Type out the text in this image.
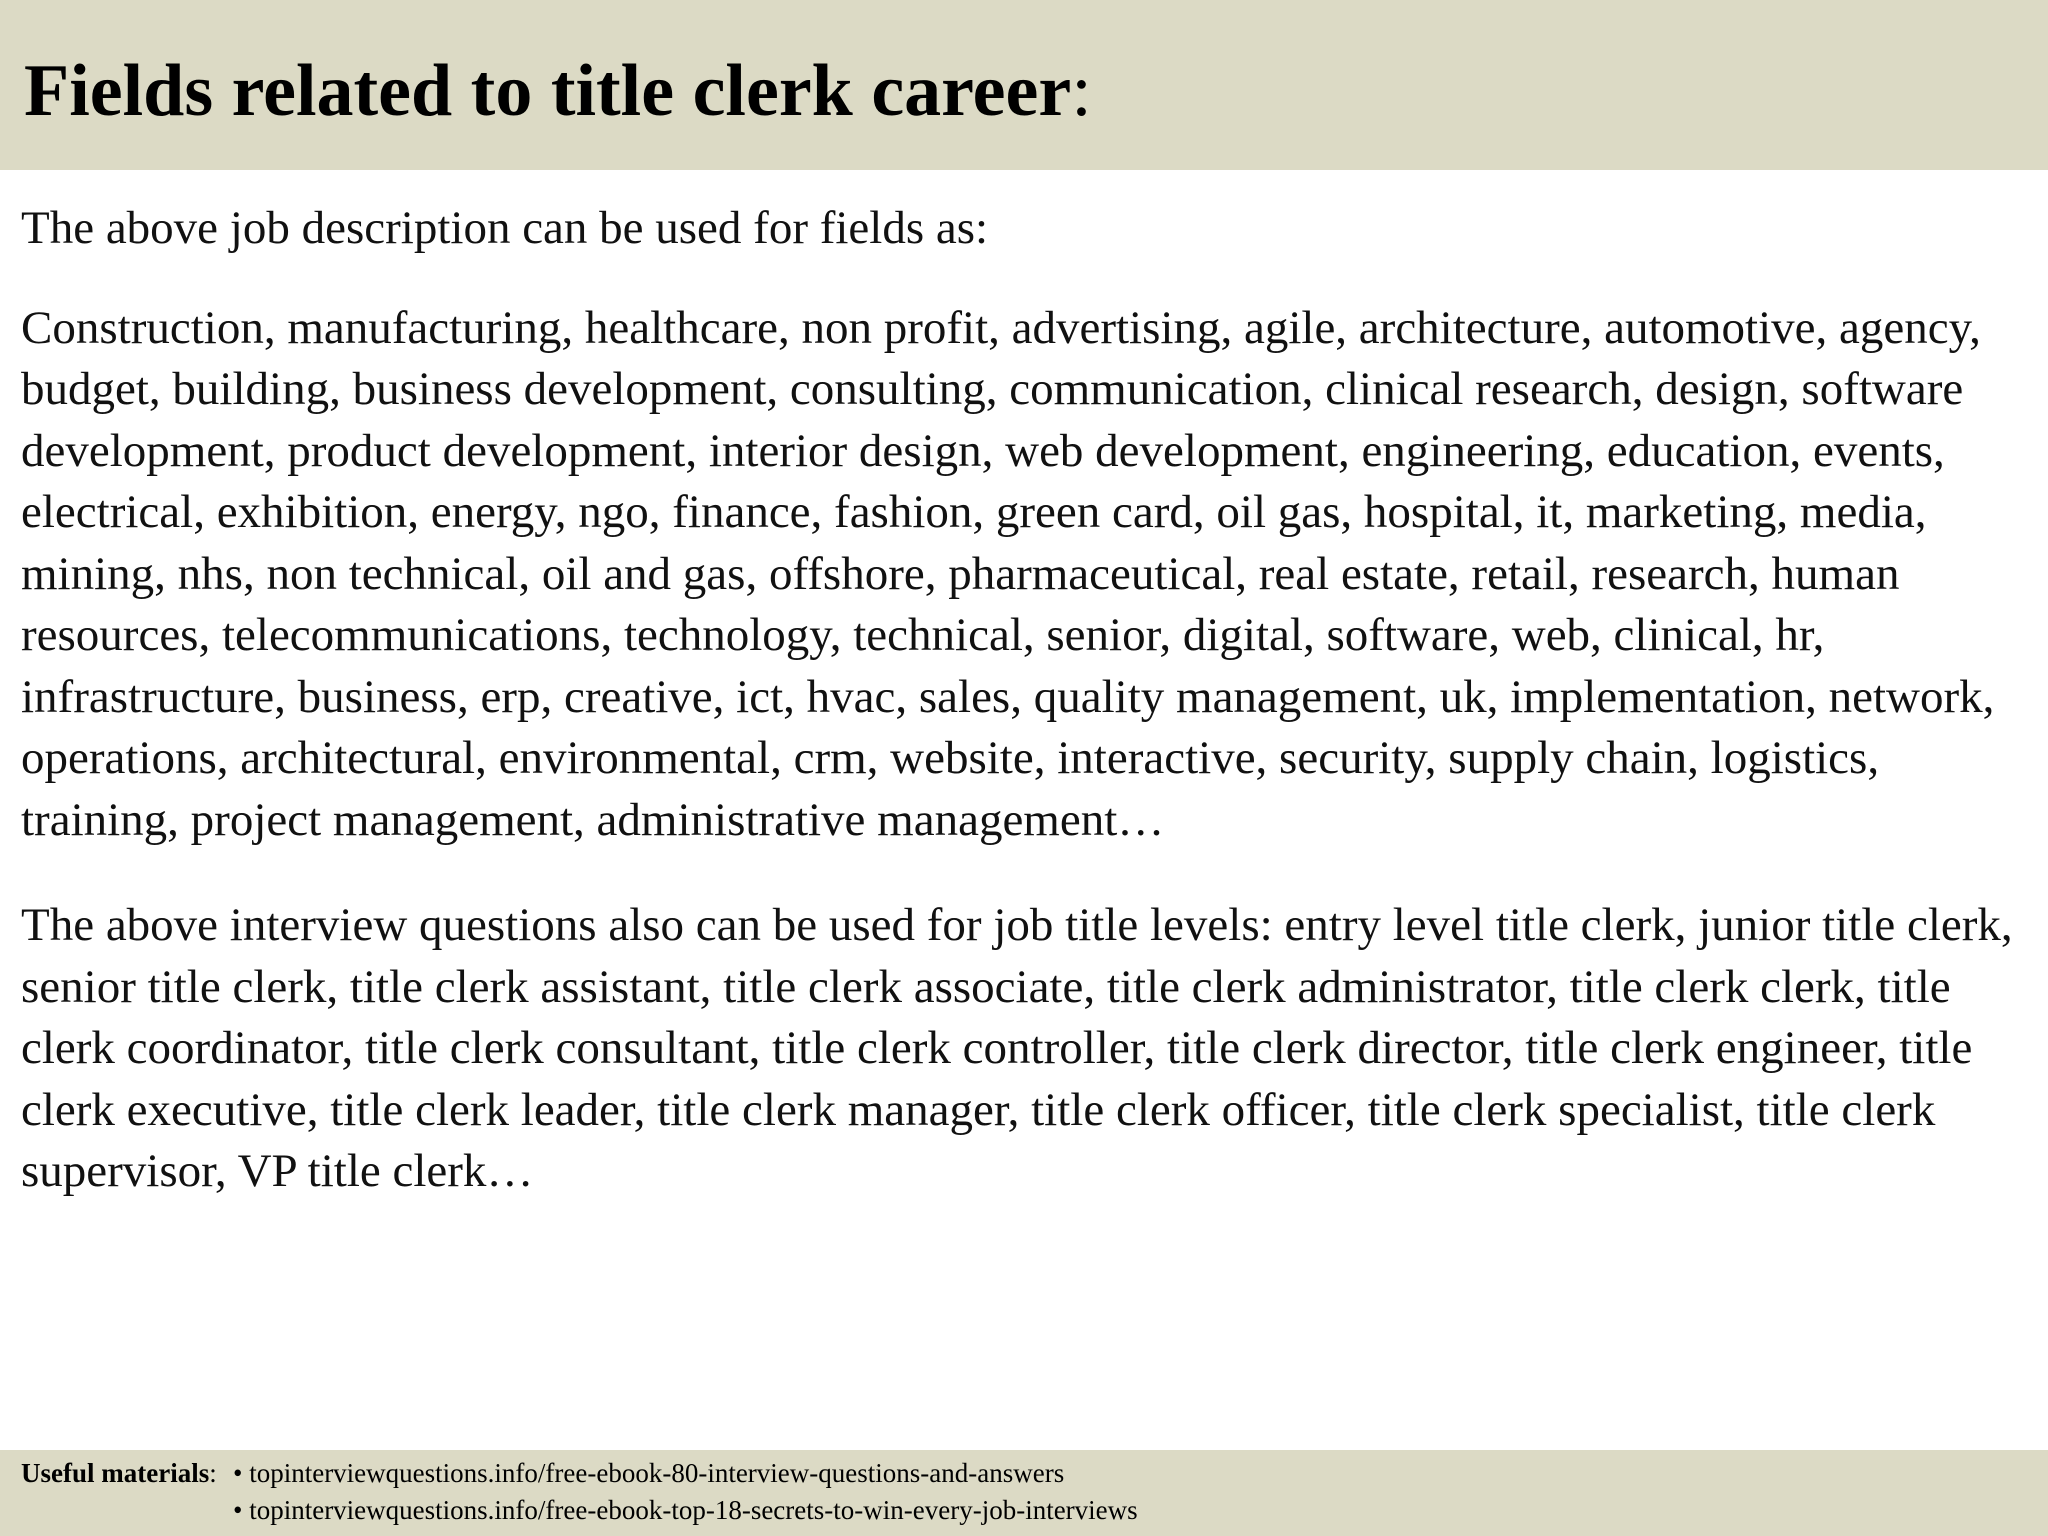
Fields related to title clerk career:

The above job description can be used for fields as:

Construction, manufacturing, healthcare, non profit, advertising, agile, architecture, automotive, agency, budget, building, business development, consulting, communication, clinical research, design, software development, product development, interior design, web development, engineering, education, events, electrical, exhibition, energy, ngo, finance, fashion, green card, oil gas, hospital, it, marketing, media, mining, nhs, non technical, oil and gas, offshore, pharmaceutical, real estate, retail, research, human resources, telecommunications, technology, technical, senior, digital, software, web, clinical, hr, infrastructure, business, erp, creative, ict, hvac, sales, quality management, uk, implementation, network, operations, architectural, environmental, crm, website, interactive, security, supply chain, logistics, training, project management, administrative management…

The above interview questions also can be used for job title levels: entry level title clerk, junior title clerk, senior title clerk, title clerk assistant, title clerk associate, title clerk administrator, title clerk clerk, title clerk coordinator, title clerk consultant, title clerk controller, title clerk director, title clerk engineer, title clerk executive, title clerk leader, title clerk manager, title clerk officer, title clerk specialist, title clerk supervisor, VP title clerk…

Useful materials:
•	topinterviewquestions.info/free-ebook-80-interview-questions-and-answers
• topinterviewquestions.info/free-ebook-top-18-secrets-to-win-every-job-interviews
